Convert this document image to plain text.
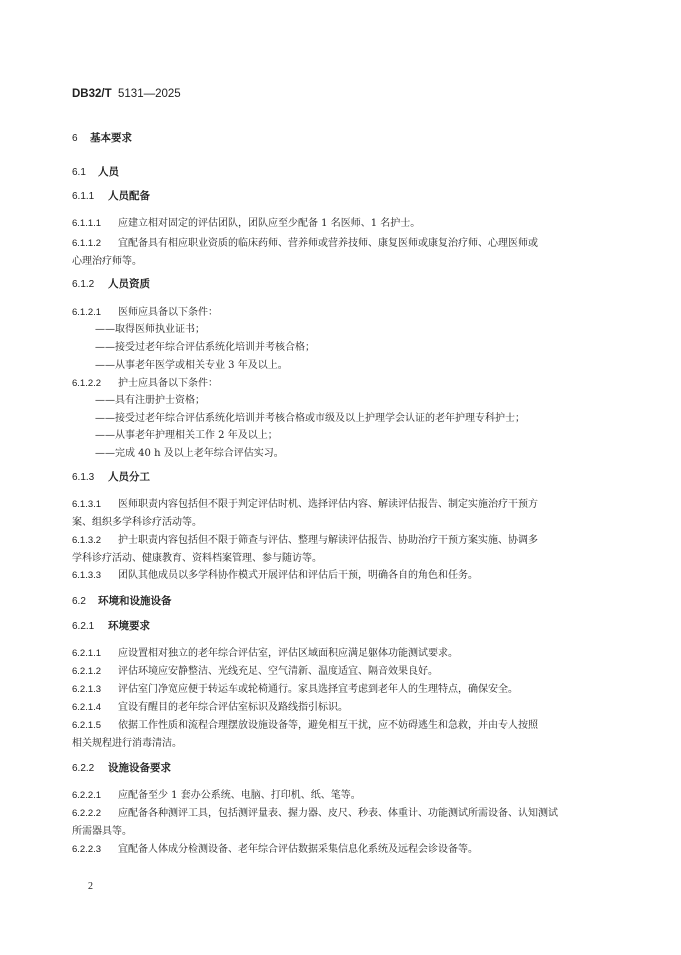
DB32/T 5131—2025
6 基本要求
6.1 人员
6.1.1 人员配备
6.1.1.1 应建立相对固定的评估团队，团队应至少配备 1 名医师、1 名护士。
6.1.1.2 宜配备具有相应职业资质的临床药师、营养师或营养技师、康复医师或康复治疗师、心理医师或
心理治疗师等。
6.1.2 人员资质
6.1.2.1 医师应具备以下条件：
——取得医师执业证书；
——接受过老年综合评估系统化培训并考核合格；
——从事老年医学或相关专业 3 年及以上。
6.1.2.2 护士应具备以下条件：
——具有注册护士资格；
——接受过老年综合评估系统化培训并考核合格或市级及以上护理学会认证的老年护理专科护士；
——从事老年护理相关工作 2 年及以上；
——完成 40 h 及以上老年综合评估实习。
6.1.3 人员分工
6.1.3.1 医师职责内容包括但不限于判定评估时机、选择评估内容、解读评估报告、制定实施治疗干预方
案、组织多学科诊疗活动等。
6.1.3.2 护士职责内容包括但不限于筛查与评估、整理与解读评估报告、协助治疗干预方案实施、协调多
学科诊疗活动、健康教育、资料档案管理、参与随访等。
6.1.3.3 团队其他成员以多学科协作模式开展评估和评估后干预，明确各自的角色和任务。
6.2 环境和设施设备
6.2.1 环境要求
6.2.1.1 应设置相对独立的老年综合评估室，评估区域面积应满足躯体功能测试要求。
6.2.1.2 评估环境应安静整洁、光线充足、空气清新、温度适宜、隔音效果良好。
6.2.1.3 评估室门净宽应便于转运车或轮椅通行。家具选择宜考虑到老年人的生理特点，确保安全。
6.2.1.4 宜设有醒目的老年综合评估室标识及路线指引标识。
6.2.1.5 依据工作性质和流程合理摆放设施设备等，避免相互干扰，应不妨碍逃生和急救，并由专人按照
相关规程进行消毒清洁。
6.2.2 设施设备要求
6.2.2.1 应配备至少 1 套办公系统、电脑、打印机、纸、笔等。
6.2.2.2 应配备各种测评工具，包括测评量表、握力器、皮尺、秒表、体重计、功能测试所需设备、认知测试
所需器具等。
6.2.2.3 宜配备人体成分检测设备、老年综合评估数据采集信息化系统及远程会诊设备等。
2
